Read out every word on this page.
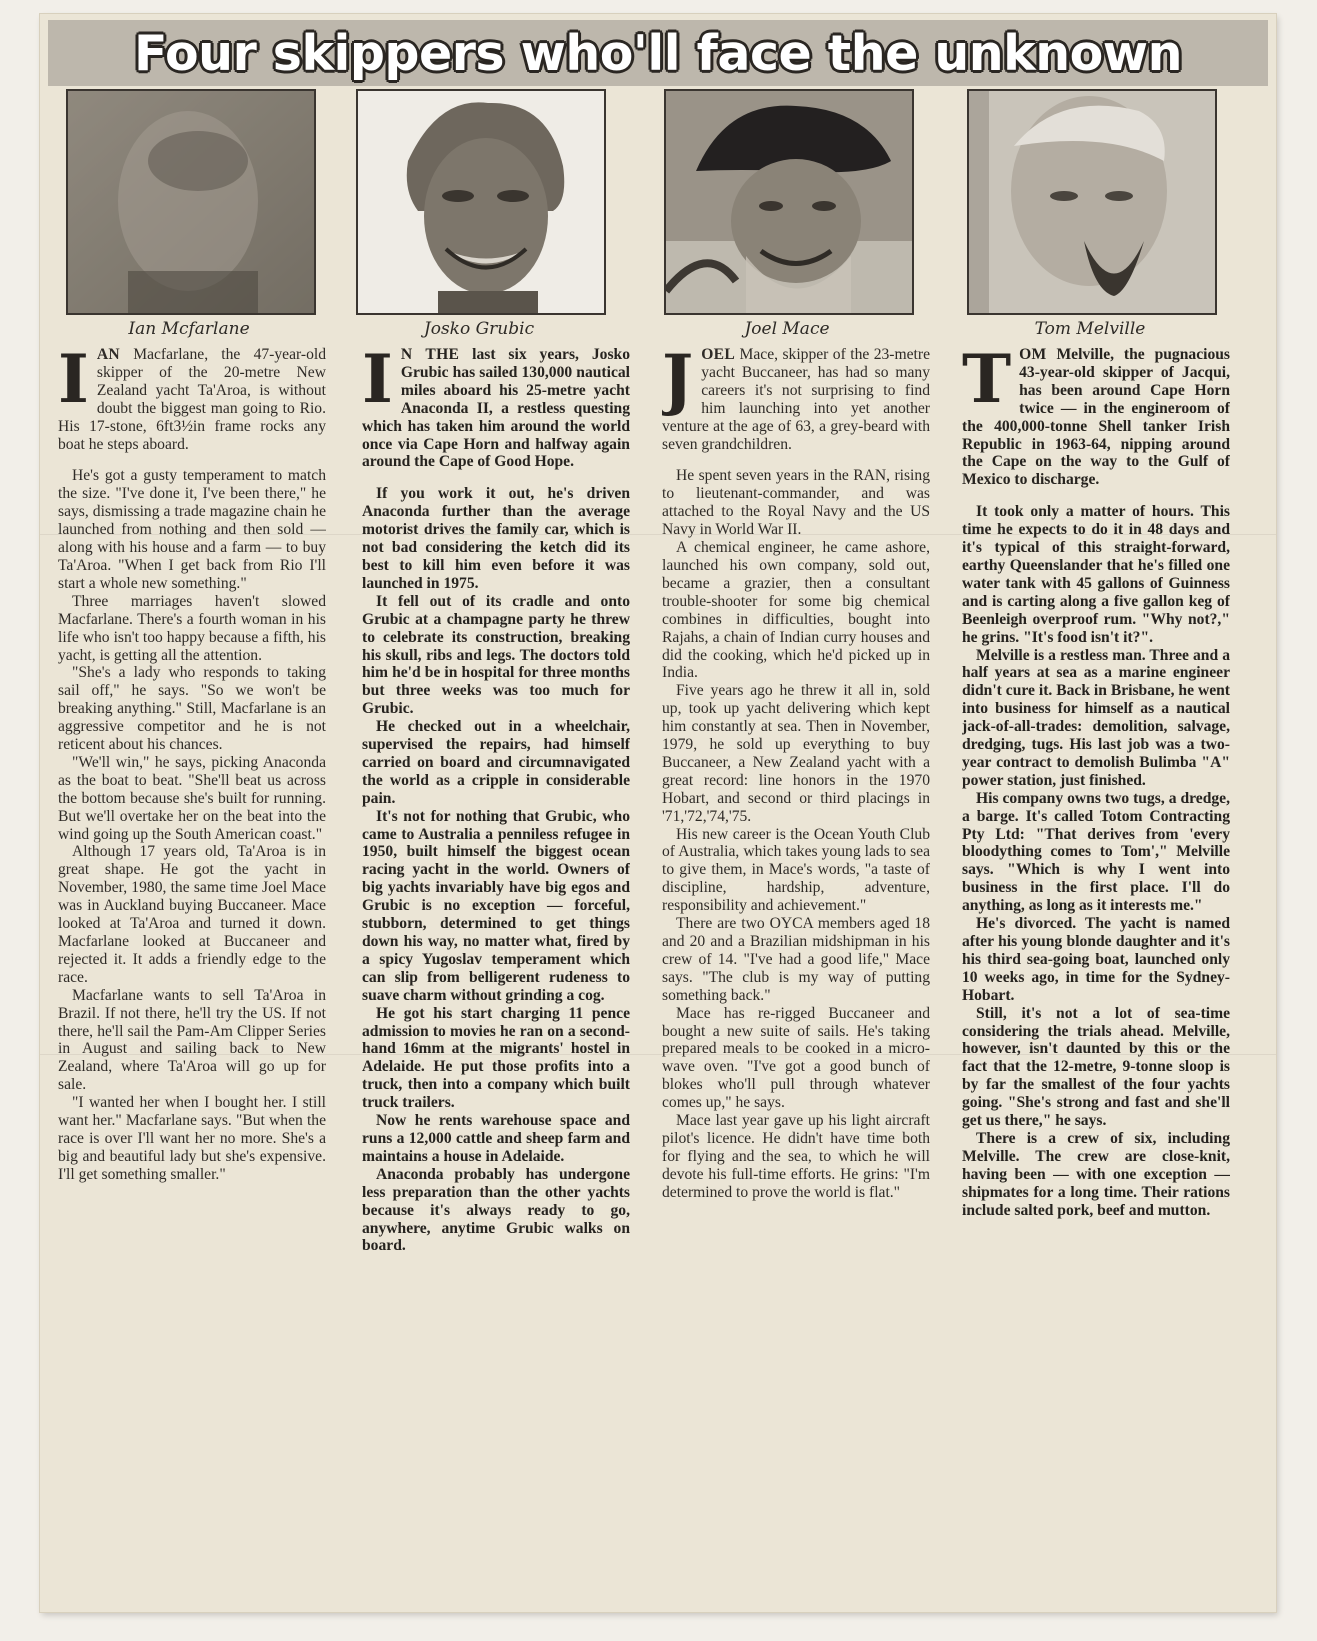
Four skippers who'll face the unknown
Ian Mcfarlane	Josko Grubic	Joel Mace	Tom Melville

IAN Macfarlane, the 47-year-old skipper of the 20-metre New Zealand yacht Ta'Aroa, is without doubt the biggest man going to Rio. His 17-stone, 6ft3½in frame rocks any boat he steps aboard.

He's got a gusty temperament to match the size. "I've done it, I've been there," he says, dismissing a trade magazine chain he launched from nothing and then sold — along with his house and a farm — to buy Ta'Aroa. "When I get back from Rio I'll start a whole new something."

Three marriages haven't slowed Macfarlane. There's a fourth woman in his life who isn't too happy because a fifth, his yacht, is getting all the attention.

"She's a lady who responds to taking sail off," he says. "So we won't be breaking anything." Still, Macfarlane is an aggressive competitor and he is not reticent about his chances.

"We'll win," he says, picking Anaconda as the boat to beat. "She'll beat us across the bottom because she's built for running. But we'll overtake her on the beat into the wind going up the South American coast."

Although 17 years old, Ta'Aroa is in great shape. He got the yacht in November, 1980, the same time Joel Mace was in Auckland buying Buccaneer. Mace looked at Ta'Aroa and turned it down. Macfarlane looked at Buccaneer and rejected it. It adds a friendly edge to the race.

Macfarlane wants to sell Ta'Aroa in Brazil. If not there, he'll try the US. If not there, he'll sail the Pam-Am Clipper Series in August and sailing back to New Zealand, where Ta'Aroa will go up for sale.

"I wanted her when I bought her. I still want her." Macfarlane says. "But when the race is over I'll want her no more. She's a big and beautiful lady but she's expensive. I'll get something smaller."

I N THE last six years, Josko Grubic has sailed 130,000 nautical miles aboard his 25-metre yacht Anaconda II, a restless questing which has taken him around the world once via Cape Horn and halfway again around the Cape of Good Hope.

If you work it out, he's driven Anaconda further than the average motorist drives the family car, which is not bad considering the ketch did its best to kill him even before it was launched in 1975.

It fell out of its cradle and onto Grubic at a champagne party he threw to celebrate its construction, breaking his skull, ribs and legs. The doctors told him he'd be in hospital for three months but three weeks was too much for Grubic.

He checked out in a wheelchair, supervised the repairs, had himself carried on board and circumnavigated the world as a cripple in considerable pain.

It's not for nothing that Grubic, who came to Australia a penniless refugee in 1950, built himself the biggest ocean racing yacht in the world. Owners of big yachts invariably have big egos and Grubic is no exception — forceful, stubborn, determined to get things down his way, no matter what, fired by a spicy Yugoslav temperament which can slip from belligerent rudeness to suave charm without grinding a cog.

He got his start charging 11 pence admission to movies he ran on a second-hand 16mm at the migrants' hostel in Adelaide. He put those profits into a truck, then into a company which built truck trailers.

Now he rents warehouse space and runs a 12,000 cattle and sheep farm and maintains a house in Adelaide.

Anaconda probably has undergone less preparation than the other yachts because it's always ready to go, anywhere, anytime Grubic walks on board.

JOEL Mace, skipper of the 23-metre yacht Buccaneer, has had so many careers it's not surprising to find him launching into yet another venture at the age of 63, a grey-beard with seven grandchildren.

He spent seven years in the RAN, rising to lieutenant-commander, and was attached to the Royal Navy and the US Navy in World War II.

A chemical engineer, he came ashore, launched his own company, sold out, became a grazier, then a consultant trouble-shooter for some big chemical combines in difficulties, bought into Rajahs, a chain of Indian curry houses and did the cooking, which he'd picked up in India.

Five years ago he threw it all in, sold up, took up yacht delivering which kept him constantly at sea. Then in November, 1979, he sold up everything to buy Buccaneer, a New Zealand yacht with a great record: line honors in the 1970 Hobart, and second or third placings in '71,'72,'74,'75.

His new career is the Ocean Youth Club of Australia, which takes young lads to sea to give them, in Mace's words, "a taste of discipline, hardship, adventure, responsibility and achievement."

There are two OYCA members aged 18 and 20 and a Brazilian midshipman in his crew of 14. "I've had a good life," Mace says. "The club is my way of putting something back."

Mace has re-rigged Buccaneer and bought a new suite of sails. He's taking prepared meals to be cooked in a micro-wave oven. "I've got a good bunch of blokes who'll pull through whatever comes up," he says.

Mace last year gave up his light aircraft pilot's licence. He didn't have time both for flying and the sea, to which he will devote his full-time efforts. He grins: "I'm determined to prove the world is flat."

TOM Melville, the pugnacious 43-year-old skipper of Jacqui, has been around Cape Horn twice — in the engineroom of the 400,000-tonne Shell tanker Irish Republic in 1963-64, nipping around the Cape on the way to the Gulf of Mexico to discharge.

It took only a matter of hours. This time he expects to do it in 48 days and it's typical of this straight-forward, earthy Queenslander that he's filled one water tank with 45 gallons of Guinness and is carting along a five gallon keg of Beenleigh overproof rum. "Why not?," he grins. "It's food isn't it?".

Melville is a restless man. Three and a half years at sea as a marine engineer didn't cure it. Back in Brisbane, he went into business for himself as a nautical jack-of-all-trades: demolition, salvage, dredging, tugs. His last job was a two-year contract to demolish Bulimba "A" power station, just finished.

His company owns two tugs, a dredge, a barge. It's called Totom Contracting Pty Ltd: "That derives from 'every bloodything comes to Tom'," Melville says. "Which is why I went into business in the first place. I'll do anything, as long as it interests me."

He's divorced. The yacht is named after his young blonde daughter and it's his third sea-going boat, launched only 10 weeks ago, in time for the Sydney-Hobart.

Still, it's not a lot of sea-time considering the trials ahead. Melville, however, isn't daunted by this or the fact that the 12-metre, 9-tonne sloop is by far the smallest of the four yachts going. "She's strong and fast and she'll get us there," he says.

There is a crew of six, including Melville. The crew are close-knit, having been — with one exception — shipmates for a long time. Their rations include salted pork, beef and mutton.
